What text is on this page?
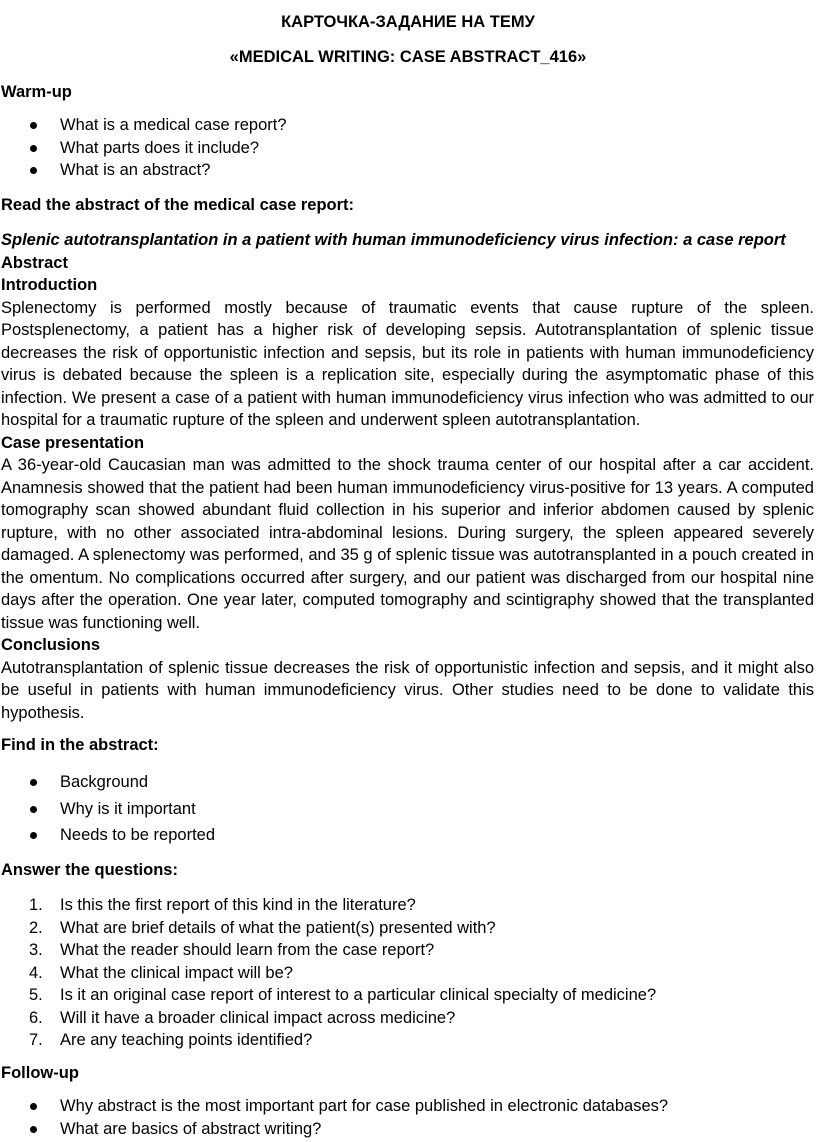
КАРТОЧКА-ЗАДАНИЕ НА ТЕМУ
«MEDICAL WRITING: CASE ABSTRACT_416»
Warm-up
What is a medical case report?
What parts does it include?
What is an abstract?
Read the abstract of the medical case report:
Splenic autotransplantation in a patient with human immunodeficiency virus infection: a case report
Abstract
Introduction

Splenectomy is performed mostly because of traumatic events that cause rupture of the spleen. Postsplenectomy, a patient has a higher risk of developing sepsis. Autotransplantation of splenic tissue decreases the risk of opportunistic infection and sepsis, but its role in patients with human immunodeficiency virus is debated because the spleen is a replication site, especially during the asymptomatic phase of this infection. We present a case of a patient with human immunodeficiency virus infection who was admitted to our hospital for a traumatic rupture of the spleen and underwent spleen autotransplantation.

Case presentation

A 36-year-old Caucasian man was admitted to the shock trauma center of our hospital after a car accident. Anamnesis showed that the patient had been human immunodeficiency virus-positive for 13 years. A computed tomography scan showed abundant fluid collection in his superior and inferior abdomen caused by splenic rupture, with no other associated intra-abdominal lesions. During surgery, the spleen appeared severely damaged. A splenectomy was performed, and 35 g of splenic tissue was autotransplanted in a pouch created in the omentum. No complications occurred after surgery, and our patient was discharged from our hospital nine days after the operation. One year later, computed tomography and scintigraphy showed that the transplanted tissue was functioning well.

Conclusions

Autotransplantation of splenic tissue decreases the risk of opportunistic infection and sepsis, and it might also be useful in patients with human immunodeficiency virus. Other studies need to be done to validate this hypothesis.

Find in the abstract:
Background
Why is it important
Needs to be reported
Answer the questions:
1. Is this the first report of this kind in the literature?
2. What are brief details of what the patient(s) presented with?
3. What the reader should learn from the case report?
4. What the clinical impact will be?
5. Is it an original case report of interest to a particular clinical specialty of medicine?
6. Will it have a broader clinical impact across medicine?
7. Are any teaching points identified?
Follow-up
Why abstract is the most important part for case published in electronic databases?
What are basics of abstract writing?
